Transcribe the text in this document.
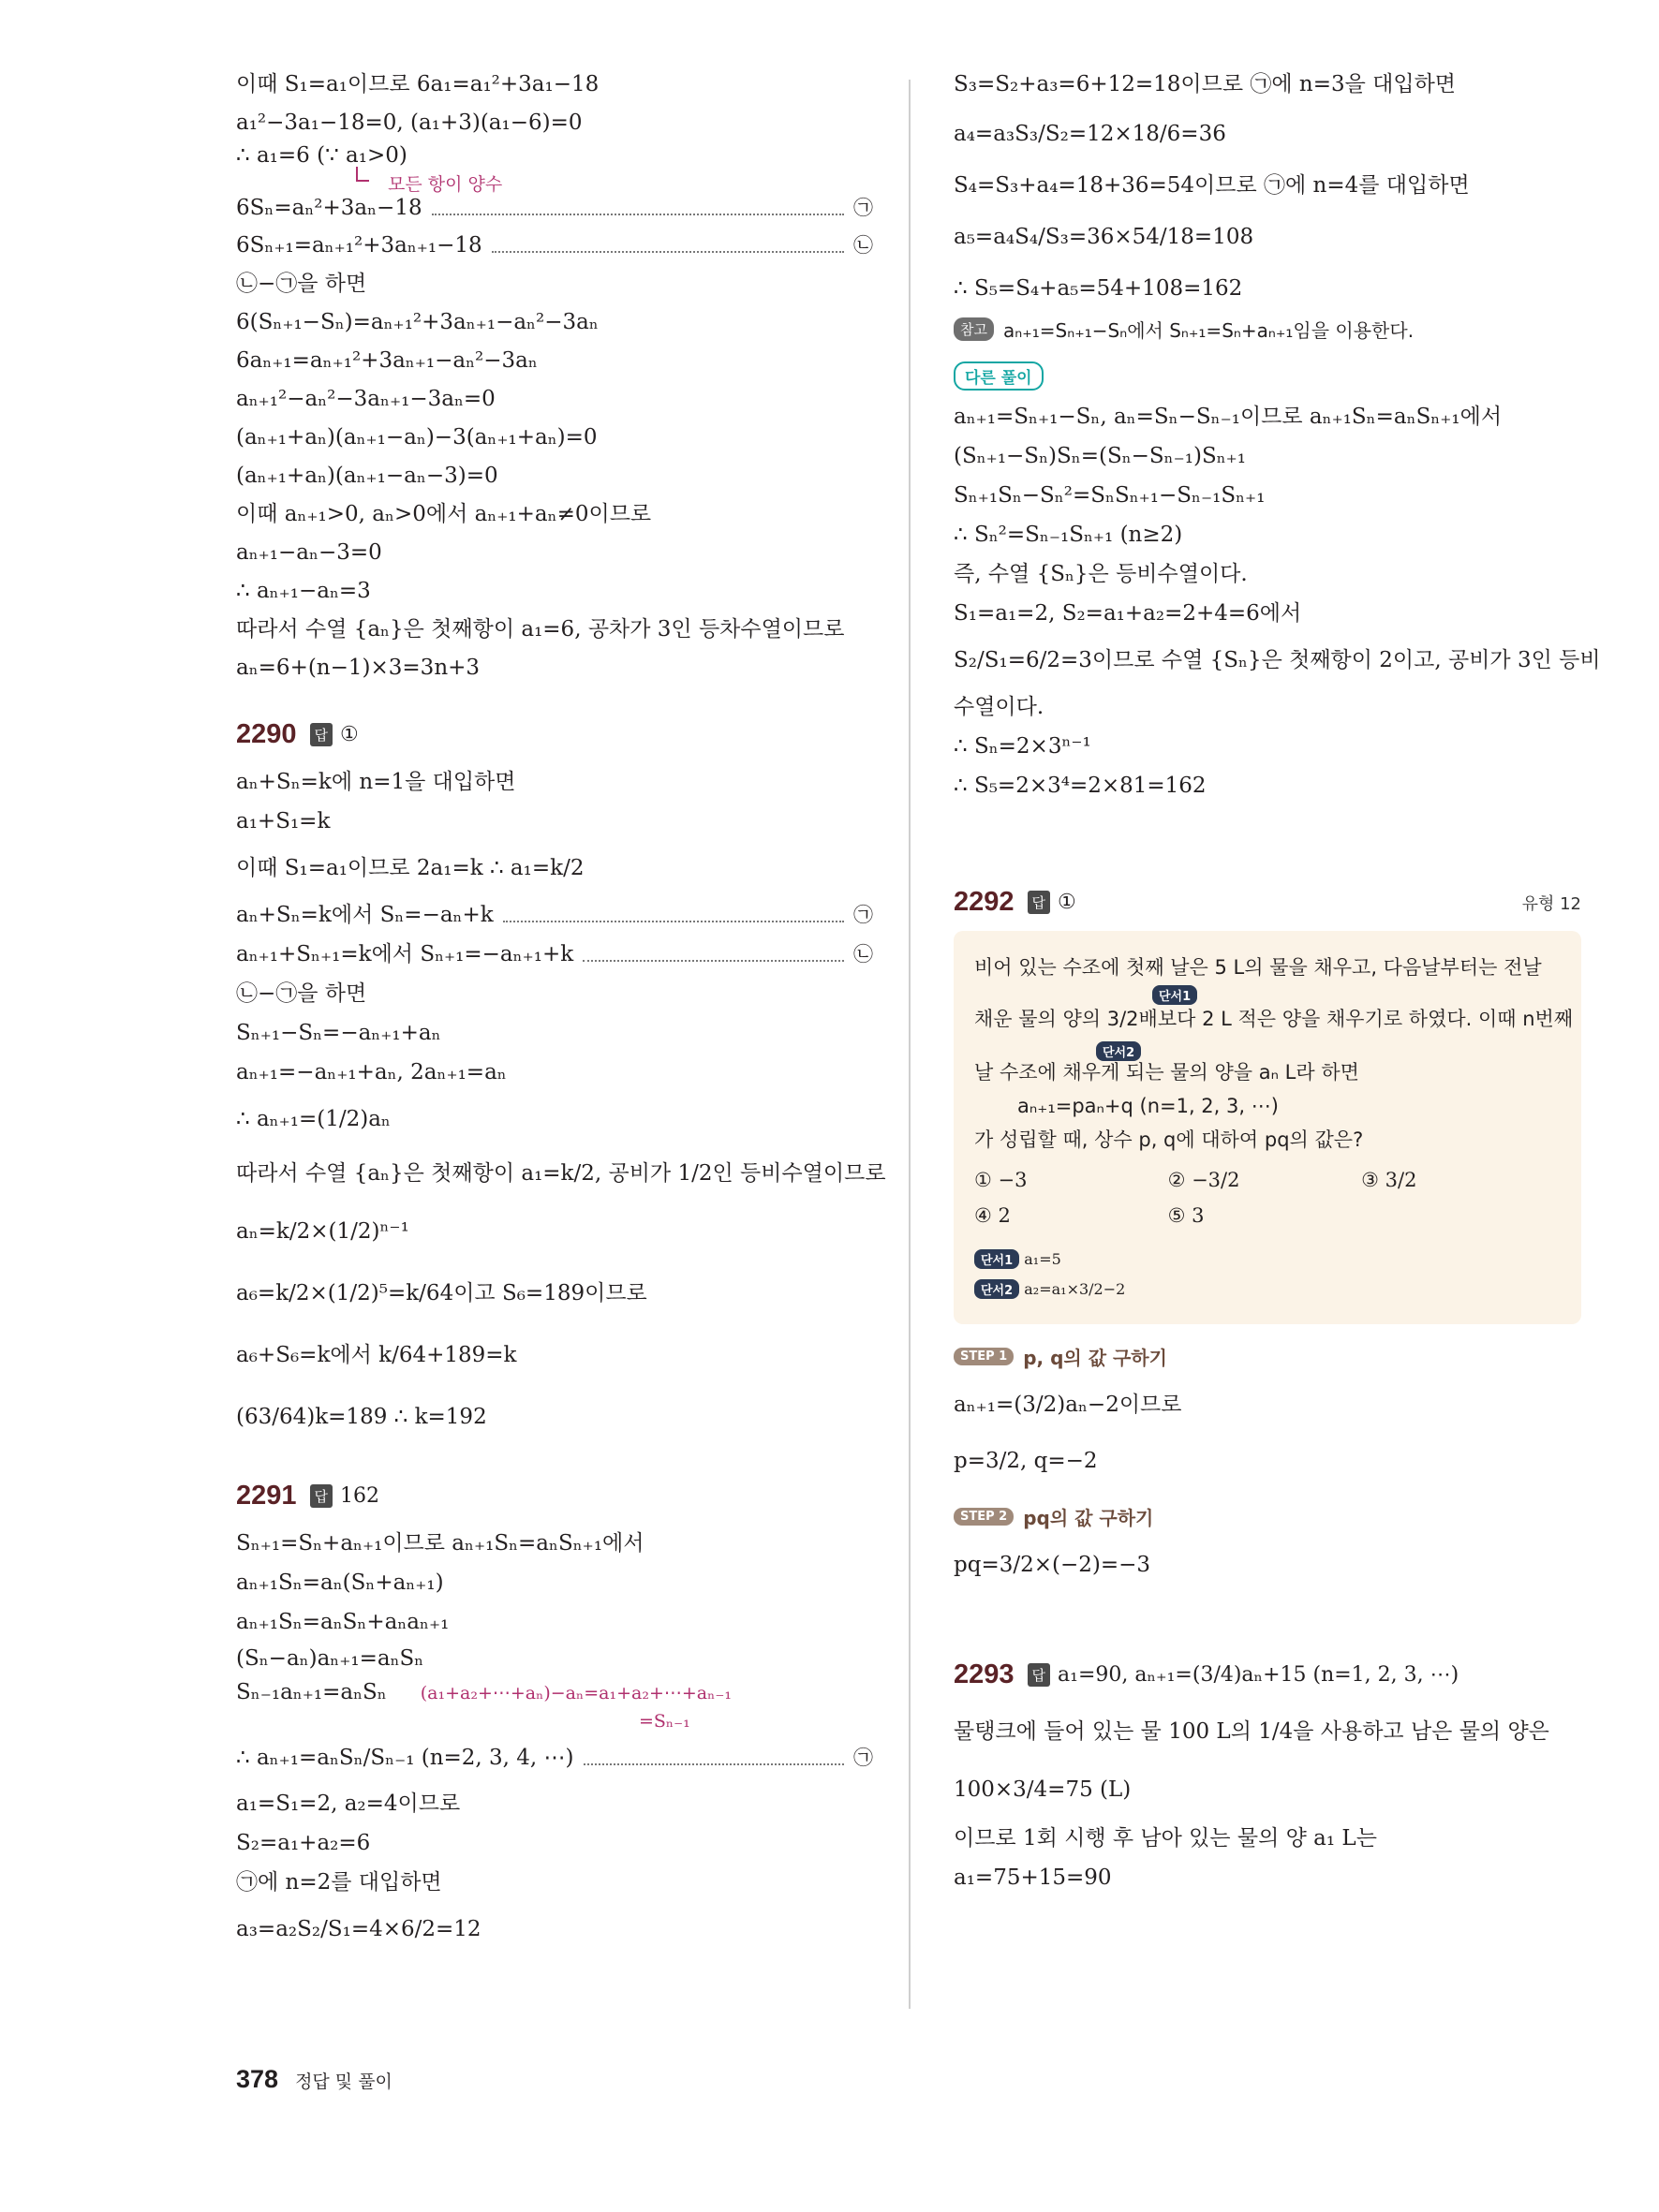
이때 S₁=a₁이므로 6a₁=a₁²+3a₁−18
a₁²−3a₁−18=0, (a₁+3)(a₁−6)=0
∴ a₁=6 (∵ a₁>0)
모든 항이 양수
6Sₙ=aₙ²+3aₙ−18	㉠
6Sₙ₊₁=aₙ₊₁²+3aₙ₊₁−18	㉡
㉡−㉠을 하면
6(Sₙ₊₁−Sₙ)=aₙ₊₁²+3aₙ₊₁−aₙ²−3aₙ
6aₙ₊₁=aₙ₊₁²+3aₙ₊₁−aₙ²−3aₙ
aₙ₊₁²−aₙ²−3aₙ₊₁−3aₙ=0
(aₙ₊₁+aₙ)(aₙ₊₁−aₙ)−3(aₙ₊₁+aₙ)=0
(aₙ₊₁+aₙ)(aₙ₊₁−aₙ−3)=0
이때 aₙ₊₁>0, aₙ>0에서 aₙ₊₁+aₙ≠0이므로
aₙ₊₁−aₙ−3=0
∴ aₙ₊₁−aₙ=3
따라서 수열 {aₙ}은 첫째항이 a₁=6, 공차가 3인 등차수열이므로
aₙ=6+(n−1)×3=3n+3
2290	답 ①
aₙ+Sₙ=k에 n=1을 대입하면
a₁+S₁=k
이때 S₁=a₁이므로 2a₁=k ∴ a₁=k/2
aₙ+Sₙ=k에서 Sₙ=−aₙ+k	㉠
aₙ₊₁+Sₙ₊₁=k에서 Sₙ₊₁=−aₙ₊₁+k	㉡
㉡−㉠을 하면
Sₙ₊₁−Sₙ=−aₙ₊₁+aₙ
aₙ₊₁=−aₙ₊₁+aₙ, 2aₙ₊₁=aₙ
∴ aₙ₊₁=(1/2)aₙ
따라서 수열 {aₙ}은 첫째항이 a₁=k/2, 공비가 1/2인 등비수열이므로
aₙ=k/2×(1/2)ⁿ⁻¹
a₆=k/2×(1/2)⁵=k/64이고 S₆=189이므로
a₆+S₆=k에서 k/64+189=k
(63/64)k=189 ∴ k=192
2291	답 162
Sₙ₊₁=Sₙ+aₙ₊₁이므로 aₙ₊₁Sₙ=aₙSₙ₊₁에서
aₙ₊₁Sₙ=aₙ(Sₙ+aₙ₊₁)
aₙ₊₁Sₙ=aₙSₙ+aₙaₙ₊₁
(Sₙ−aₙ)aₙ₊₁=aₙSₙ
Sₙ₋₁aₙ₊₁=aₙSₙ (a₁+a₂+⋯+aₙ)−aₙ=a₁+a₂+⋯+aₙ₋₁
=Sₙ₋₁
∴ aₙ₊₁=aₙSₙ/Sₙ₋₁ (n=2, 3, 4, ⋯)	㉠
a₁=S₁=2, a₂=4이므로
S₂=a₁+a₂=6
㉠에 n=2를 대입하면
a₃=a₂S₂/S₁=4×6/2=12
S₃=S₂+a₃=6+12=18이므로 ㉠에 n=3을 대입하면
a₄=a₃S₃/S₂=12×18/6=36
S₄=S₃+a₄=18+36=54이므로 ㉠에 n=4를 대입하면
a₅=a₄S₄/S₃=36×54/18=108
∴ S₅=S₄+a₅=54+108=162
참고 aₙ₊₁=Sₙ₊₁−Sₙ에서 Sₙ₊₁=Sₙ+aₙ₊₁임을 이용한다.
다른 풀이
aₙ₊₁=Sₙ₊₁−Sₙ, aₙ=Sₙ−Sₙ₋₁이므로 aₙ₊₁Sₙ=aₙSₙ₊₁에서
(Sₙ₊₁−Sₙ)Sₙ=(Sₙ−Sₙ₋₁)Sₙ₊₁
Sₙ₊₁Sₙ−Sₙ²=SₙSₙ₊₁−Sₙ₋₁Sₙ₊₁
∴ Sₙ²=Sₙ₋₁Sₙ₊₁ (n≥2)
즉, 수열 {Sₙ}은 등비수열이다.
S₁=a₁=2, S₂=a₁+a₂=2+4=6에서
S₂/S₁=6/2=3이므로 수열 {Sₙ}은 첫째항이 2이고, 공비가 3인 등비
수열이다.
∴ Sₙ=2×3ⁿ⁻¹
∴ S₅=2×3⁴=2×81=162
2292	답 ①	유형 12
비어 있는 수조에 첫째 날은 5 L의 물을 채우고, 다음날부터는 전날
단서1
채운 물의 양의 3/2배보다 2 L 적은 양을 채우기로 하였다. 이때 n번째
단서2
날 수조에 채우게 되는 물의 양을 aₙ L라 하면
aₙ₊₁=paₙ+q (n=1, 2, 3, ⋯)
가 성립할 때, 상수 p, q에 대하여 pq의 값은?
① −3	② −3/2	③ 3/2
④ 2	⑤ 3
단서1 a₁=5
단서2 a₂=a₁×3/2−2
STEP 1 p, q의 값 구하기
aₙ₊₁=(3/2)aₙ−2이므로
p=3/2, q=−2
STEP 2 pq의 값 구하기
pq=3/2×(−2)=−3
2293	답 a₁=90, aₙ₊₁=(3/4)aₙ+15 (n=1, 2, 3, ⋯)
물탱크에 들어 있는 물 100 L의 1/4을 사용하고 남은 물의 양은
100×3/4=75 (L)
이므로 1회 시행 후 남아 있는 물의 양 a₁ L는
a₁=75+15=90
378 정답 및 풀이
